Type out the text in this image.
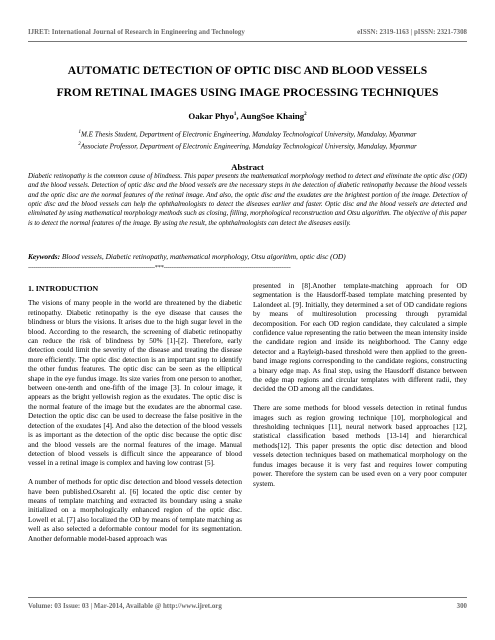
IJRET: International Journal of Research in Engineering and Technology	eISSN: 2319-1163 | pISSN: 2321-7308
AUTOMATIC DETECTION OF OPTIC DISC AND BLOOD VESSELS
FROM RETINAL IMAGES USING IMAGE PROCESSING TECHNIQUES
Oakar Phyo$^1$, AungSoe Khaing$^2$
$^1$M.E Thesis Student, Department of Electronic Engineering, Mandalay Technological University, Mandalay, Myanmar
$^2$Associate Professor, Department of Electronic Engineering, Mandalay Technological University, Mandalay, Myanmar
Abstract
Diabetic retinopathy is the common cause of blindness. This paper presents the mathematical morphology method to detect and eliminate the optic disc (OD) and the blood vessels. Detection of optic disc and the blood vessels are the necessary steps in the detection of diabetic retinopathy because the blood vessels and the optic disc are the normal features of the retinal image. And also, the optic disc and the exudates are the brightest portion of the image. Detection of optic disc and the blood vessels can help the ophthalmologists to detect the diseases earlier and faster. Optic disc and the blood vessels are detected and eliminated by using mathematical morphology methods such as closing, filling, morphological reconstruction and Otsu algorithm. The objective of this paper is to detect the normal features of the image. By using the result, the ophthalmologists can detect the diseases easily.
Keywords: Blood vessels, Diabetic retinopathy, mathematical morphology, Otsu algorithm, optic disc (OD)
--------------------------------------------------------------------***--------------------------------------------------------------------
1. INTRODUCTION

The visions of many people in the world are threatened by the diabetic retinopathy. Diabetic retinopathy is the eye disease that causes the blindness or blurs the visions. It arises due to the high sugar level in the blood. According to the research, the screening of diabetic retinopathy can reduce the risk of blindness by 50% [1]-[2]. Therefore, early detection could limit the severity of the disease and treating the disease more efficiently. The optic disc detection is an important step to identify the other fundus features. The optic disc can be seen as the elliptical shape in the eye fundus image. Its size varies from one person to another, between one-tenth and one-fifth of the image [3]. In colour image, it appears as the bright yellowish region as the exudates. The optic disc is the normal feature of the image but the exudates are the abnormal case. Detection the optic disc can be used to decrease the false positive in the detection of the exudates [4]. And also the detection of the blood vessels is as important as the detection of the optic disc because the optic disc and the blood vessels are the normal features of the image. Manual detection of blood vessels is difficult since the appearance of blood vessel in a retinal image is complex and having low contrast [5].

A number of methods for optic disc detection and blood vessels detection have been published.Osareht al. [6] located the optic disc center by means of template matching and extracted its boundary using a snake initialized on a morphologically enhanced region of the optic disc. Lowell et al. [7] also localized the OD by means of template matching as well as also selected a deformable contour model for its segmentation. Another deformable model-based approach was

presented in [8].Another template-matching approach for OD segmentation is the Hausdorff-based template matching presented by Lalondeet al. [9]. Initially, they determined a set of OD candidate regions by means of multiresolution processing through pyramidal decomposition. For each OD region candidate, they calculated a simple confidence value representing the ratio between the mean intensity inside the candidate region and inside its neighborhood. The Canny edge detector and a Rayleigh-based threshold were then applied to the green-band image regions corresponding to the candidate regions, constructing a binary edge map. As final step, using the Hausdorff distance between the edge map regions and circular templates with different radii, they decided the OD among all the candidates.

There are some methods for blood vessels detection in retinal fundus images such as region growing technique [10], morphological and thresholding techniques [11], neural network based approaches [12], statistical classification based methods [13-14] and hierarchical methods[12]. This paper presents the optic disc detection and blood vessels detection techniques based on mathematical morphology on the fundus images because it is very fast and requires lower computing power. Therefore the system can be used even on a very poor computer system.

Volume: 03 Issue: 03 | Mar-2014, Available @ http://www.ijret.org	300
